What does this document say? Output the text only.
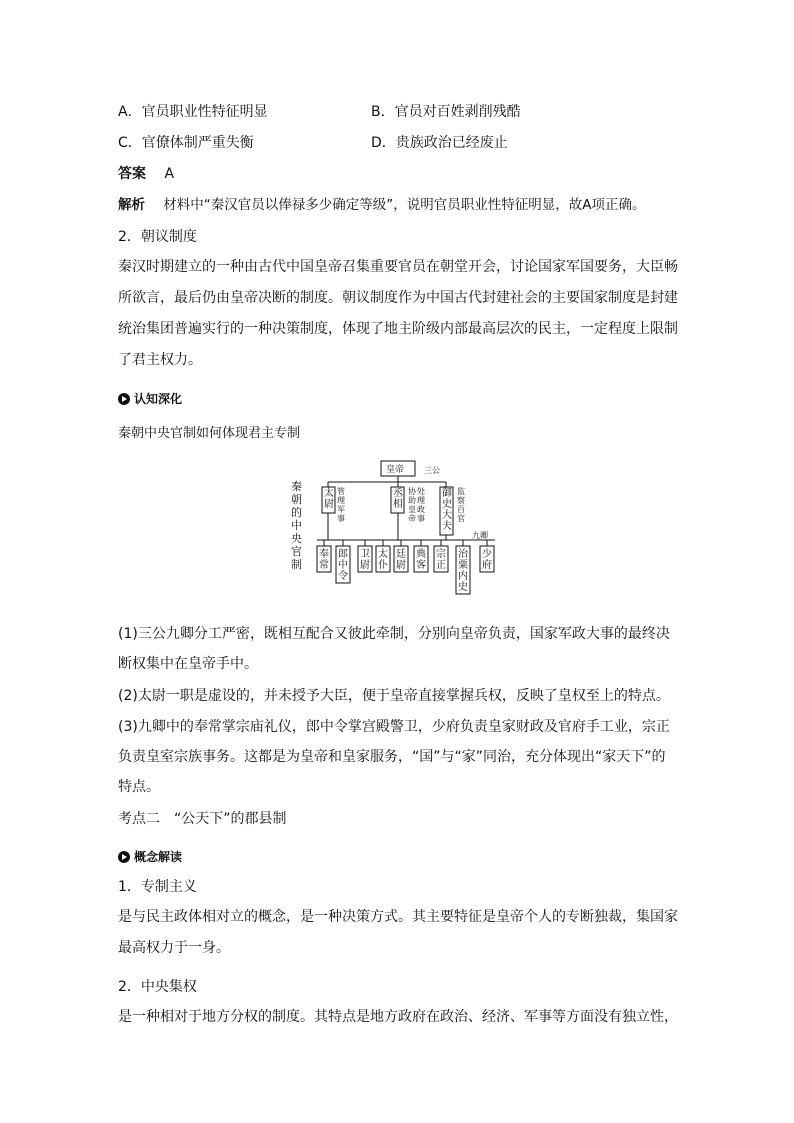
A．官员职业性特征明显	B．官员对百姓剥削残酷
C．官僚体制严重失衡	D．贵族政治已经废止
答案 A
解析 材料中“秦汉官员以俸禄多少确定等级”，说明官员职业性特征明显，故A项正确。
2．朝议制度
秦汉时期建立的一种由古代中国皇帝召集重要官员在朝堂开会，讨论国家军国要务，大臣畅所欲言，最后仍由皇帝决断的制度。朝议制度作为中国古代封建社会的主要国家制度是封建统治集团普遍实行的一种决策制度，体现了地主阶级内部最高层次的民主，一定程度上限制了君主权力。
认知深化
秦朝中央官制如何体现君主专制
秦
朝
的
中
央
官
制
皇帝 三公
九卿
太尉
管理军事
丞相
协助皇帝
处理政事
御史大夫
监察百官
奉常
郎中令
卫尉
太仆
廷尉
典客
宗正
治粟内史
少府
(1)三公九卿分工严密，既相互配合又彼此牵制，分别向皇帝负责，国家军政大事的最终决断权集中在皇帝手中。
(2)太尉一职是虚设的，并未授予大臣，便于皇帝直接掌握兵权，反映了皇权至上的特点。
(3)九卿中的奉常掌宗庙礼仪，郎中令掌宫殿警卫，少府负责皇家财政及官府手工业，宗正负责皇室宗族事务。这都是为皇帝和皇家服务，“国”与“家”同治，充分体现出“家天下”的特点。
考点二　“公天下”的郡县制
概念解读
1．专制主义
是与民主政体相对立的概念，是一种决策方式。其主要特征是皇帝个人的专断独裁，集国家最高权力于一身。
2．中央集权
是一种相对于地方分权的制度。其特点是地方政府在政治、经济、军事等方面没有独立性，
